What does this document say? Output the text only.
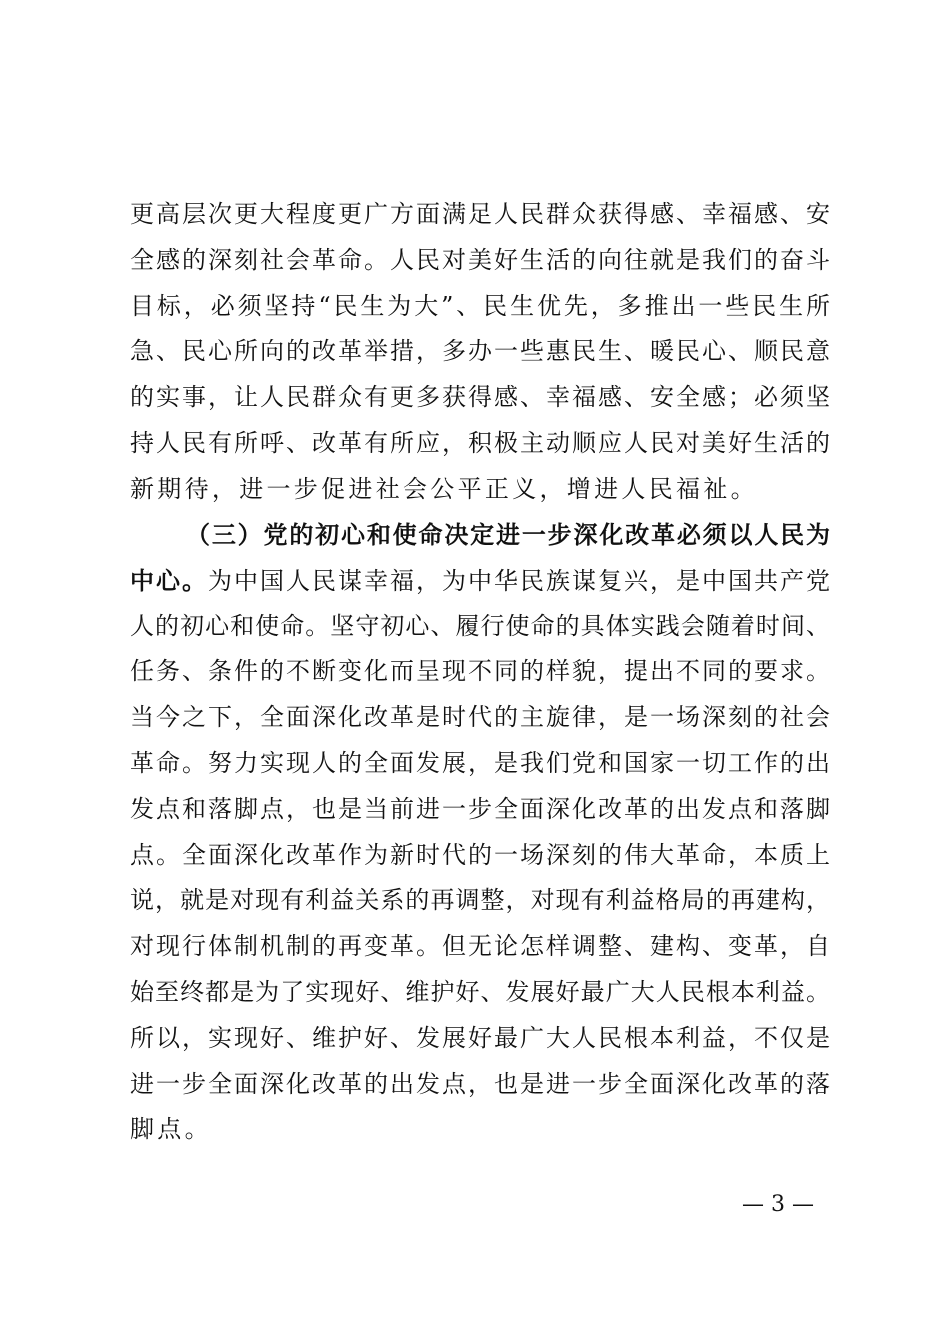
更高层次更大程度更广方面满足人民群众获得感、幸福感、安
全感的深刻社会革命。人民对美好生活的向往就是我们的奋斗
目标，必须坚持“民生为大”、民生优先，多推出一些民生所
急、民心所向的改革举措，多办一些惠民生、暖民心、顺民意
的实事，让人民群众有更多获得感、幸福感、安全感；必须坚
持人民有所呼、改革有所应，积极主动顺应人民对美好生活的
新期待，进一步促进社会公平正义，增进人民福祉。
（三）党的初心和使命决定进一步深化改革必须以人民为
中心。为中国人民谋幸福，为中华民族谋复兴，是中国共产党
人的初心和使命。坚守初心、履行使命的具体实践会随着时间、
任务、条件的不断变化而呈现不同的样貌，提出不同的要求。
当今之下，全面深化改革是时代的主旋律，是一场深刻的社会
革命。努力实现人的全面发展，是我们党和国家一切工作的出
发点和落脚点，也是当前进一步全面深化改革的出发点和落脚
点。全面深化改革作为新时代的一场深刻的伟大革命，本质上
说，就是对现有利益关系的再调整，对现有利益格局的再建构，
对现行体制机制的再变革。但无论怎样调整、建构、变革，自
始至终都是为了实现好、维护好、发展好最广大人民根本利益。
所以，实现好、维护好、发展好最广大人民根本利益，不仅是
进一步全面深化改革的出发点，也是进一步全面深化改革的落
脚点。
— 3 —
